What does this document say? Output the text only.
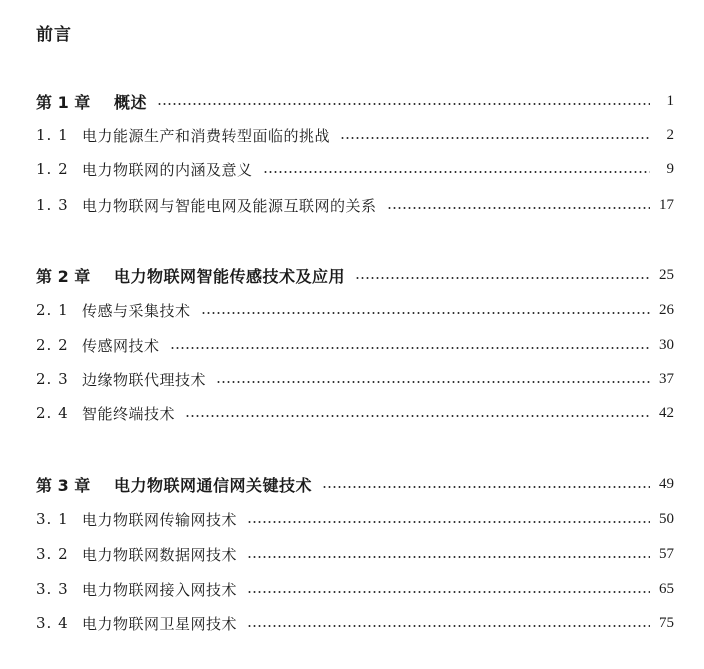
前言
第 1 章	概述	1
1. 1 电力能源生产和消费转型面临的挑战	2
1. 2 电力物联网的内涵及意义	9
1. 3 电力物联网与智能电网及能源互联网的关系	17
第 2 章	电力物联网智能传感技术及应用	25
2. 1 传感与采集技术	26
2. 2 传感网技术	30
2. 3 边缘物联代理技术	37
2. 4 智能终端技术	42
第 3 章	电力物联网通信网关键技术	49
3. 1 电力物联网传输网技术	50
3. 2 电力物联网数据网技术	57
3. 3 电力物联网接入网技术	65
3. 4 电力物联网卫星网技术	75
